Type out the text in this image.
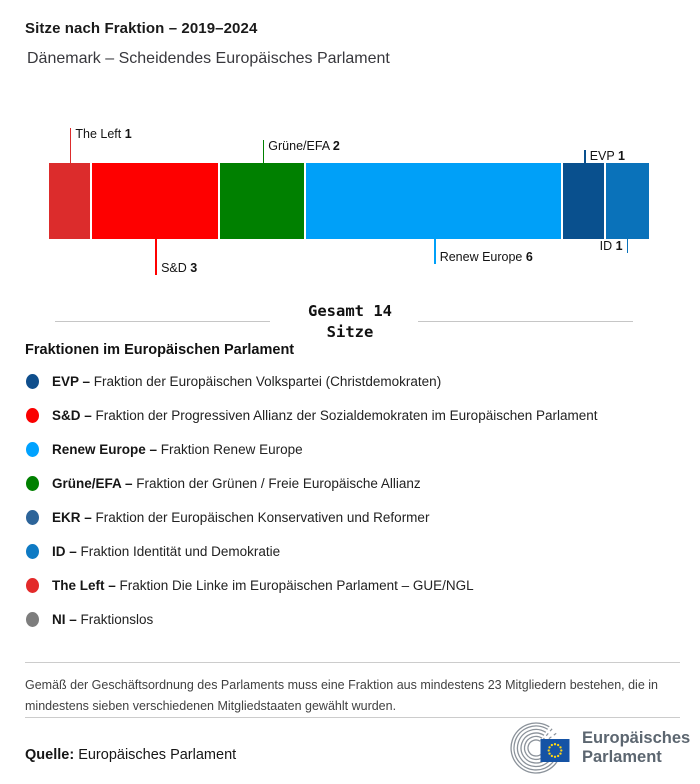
Sitze nach Fraktion – 2019–2024
Dänemark – Scheidendes Europäisches Parlament
The Left 1
S&D 3
Grüne/EFA 2
Renew Europe 6
EVP 1
ID 1
Gesamt 14
Sitze
Fraktionen im Europäischen Parlament
EVP – Fraktion der Europäischen Volkspartei (Christdemokraten)
S&D – Fraktion der Progressiven Allianz der Sozialdemokraten im Europäischen Parlament
Renew Europe – Fraktion Renew Europe
Grüne/EFA – Fraktion der Grünen / Freie Europäische Allianz
EKR – Fraktion der Europäischen Konservativen und Reformer
ID – Fraktion Identität und Demokratie
The Left – Fraktion Die Linke im Europäischen Parlament – GUE/NGL
NI – Fraktionslos
Gemäß der Geschäftsordnung des Parlaments muss eine Fraktion aus mindestens 23 Mitgliedern bestehen, die in mindestens sieben verschiedenen Mitgliedstaaten gewählt wurden.
Quelle: Europäisches Parlament
Europäisches
Parlament
